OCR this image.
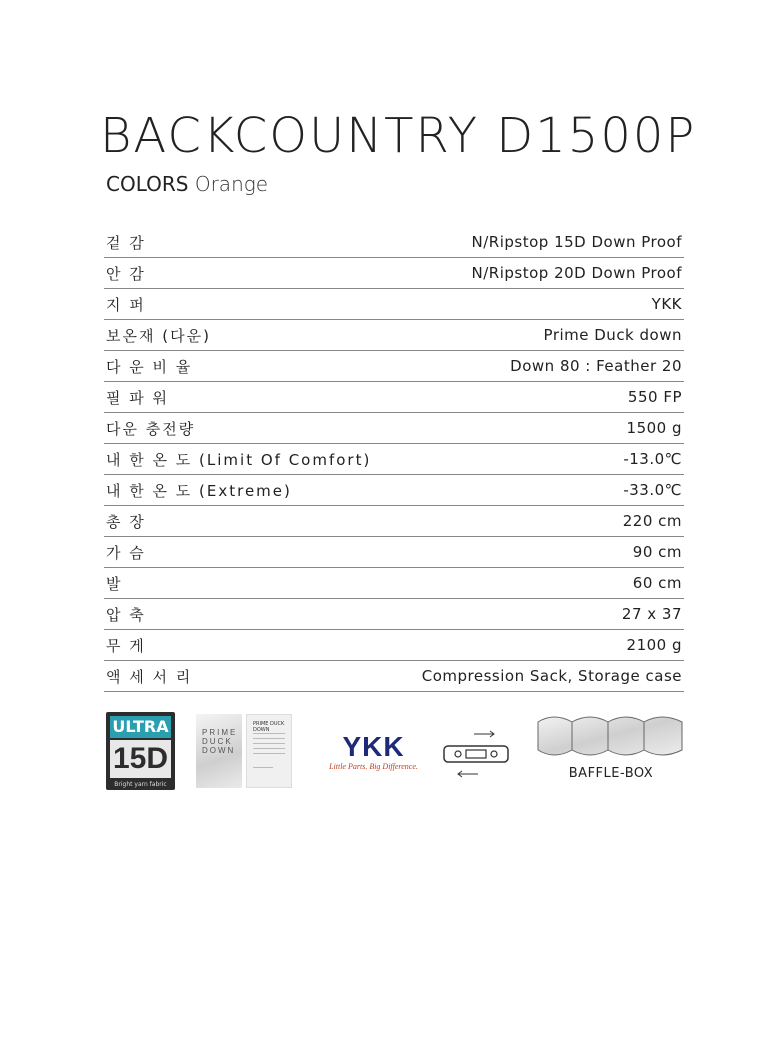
BACKCOUNTRY D1500P
COLORS Orange
겉 감	N/Ripstop 15D Down Proof
안 감	N/Ripstop 20D Down Proof
지 퍼	YKK
보온재 (다운)	Prime Duck down
다 운 비 율	Down 80 : Feather 20
필 파 워	550 FP
다운 충전량	1500 g
내 한 온 도 (Limit Of Comfort)	-13.0℃
내 한 온 도 (Extreme)	-33.0℃
총 장	220 cm
가 슴	90 cm
발	60 cm
압 축	27 x 37
무 게	2100 g
액 세 서 리	Compression Sack, Storage case
ULTRA
15D
Bright yarn fabric
PRIME
DUCK
DOWN
PRIME DUCK DOWN
YKK
Little Parts. Big Difference.	BAFFLE-BOX
